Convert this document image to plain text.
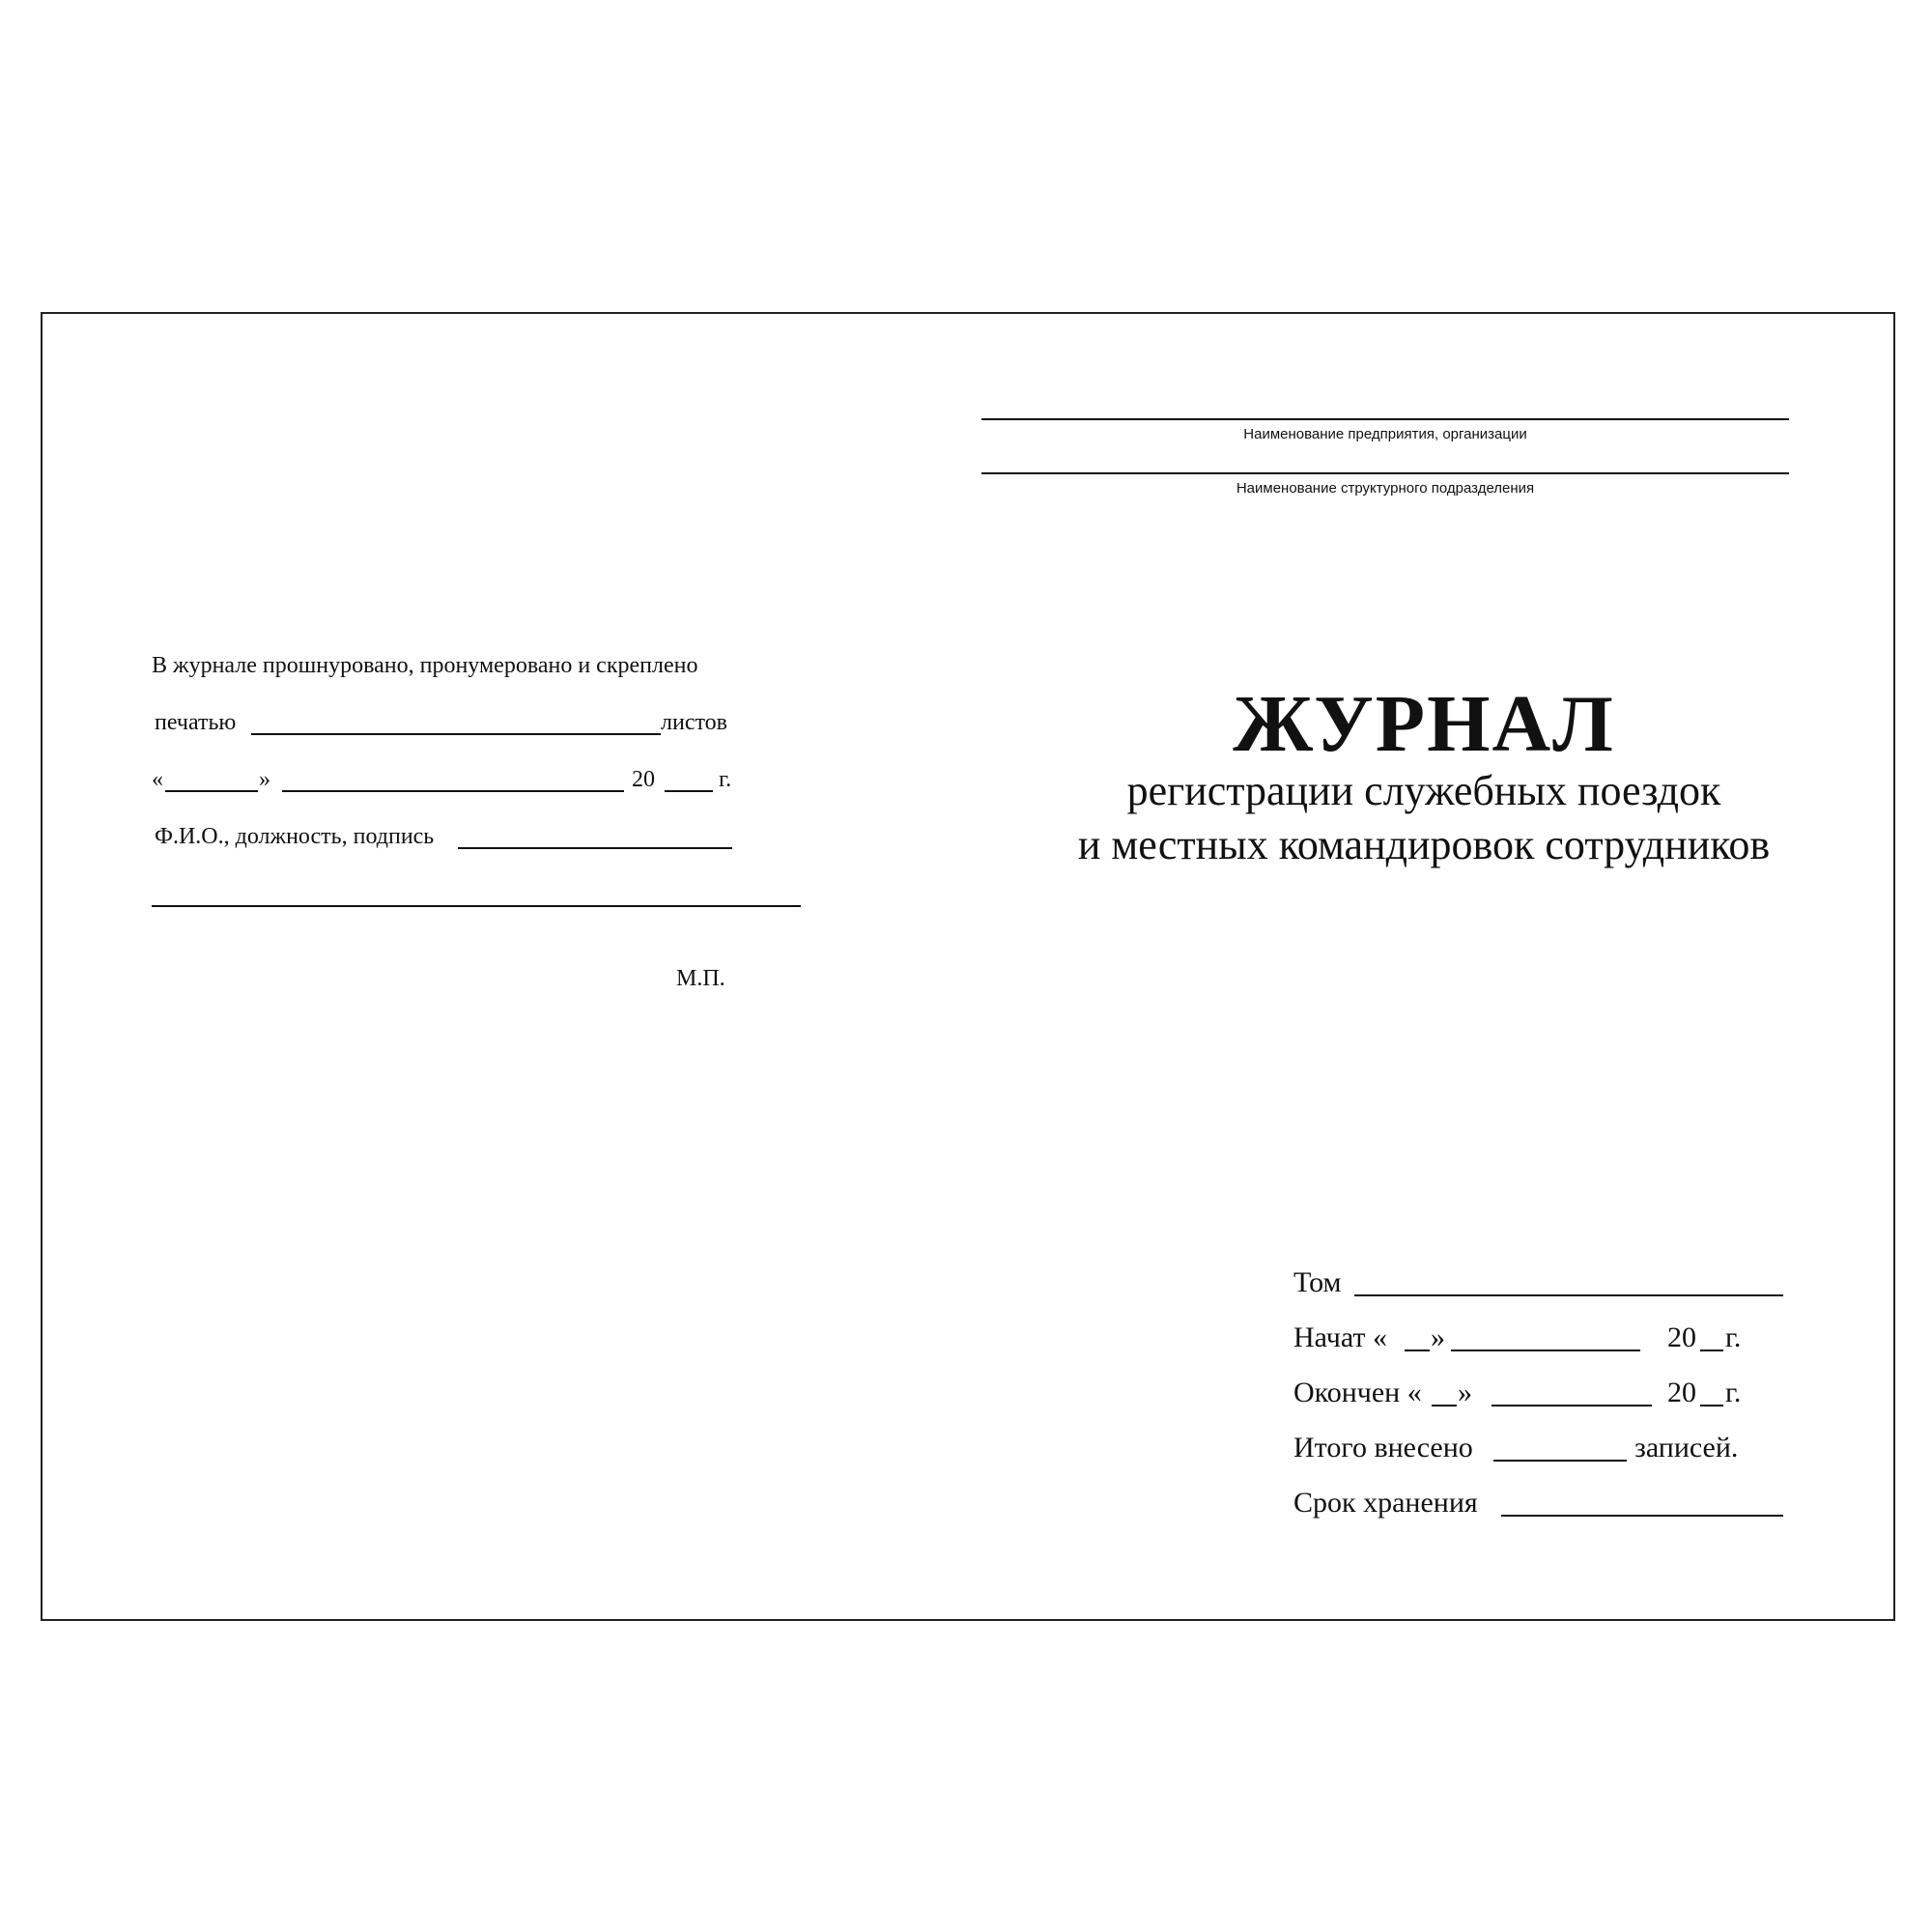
Наименование предприятия, организации
Наименование структурного подразделения
В журнале прошнуровано, пронумеровано и скреплено
печатью	листов
«	»	20	г.
Ф.И.О., должность, подпись
М.П.
ЖУРНАЛ
регистрации служебных поездок
и местных командировок сотрудников
Том
Начат « »	20 г.
Окончен « »	20 г.
Итого внесено	записей.
Срок хранения
